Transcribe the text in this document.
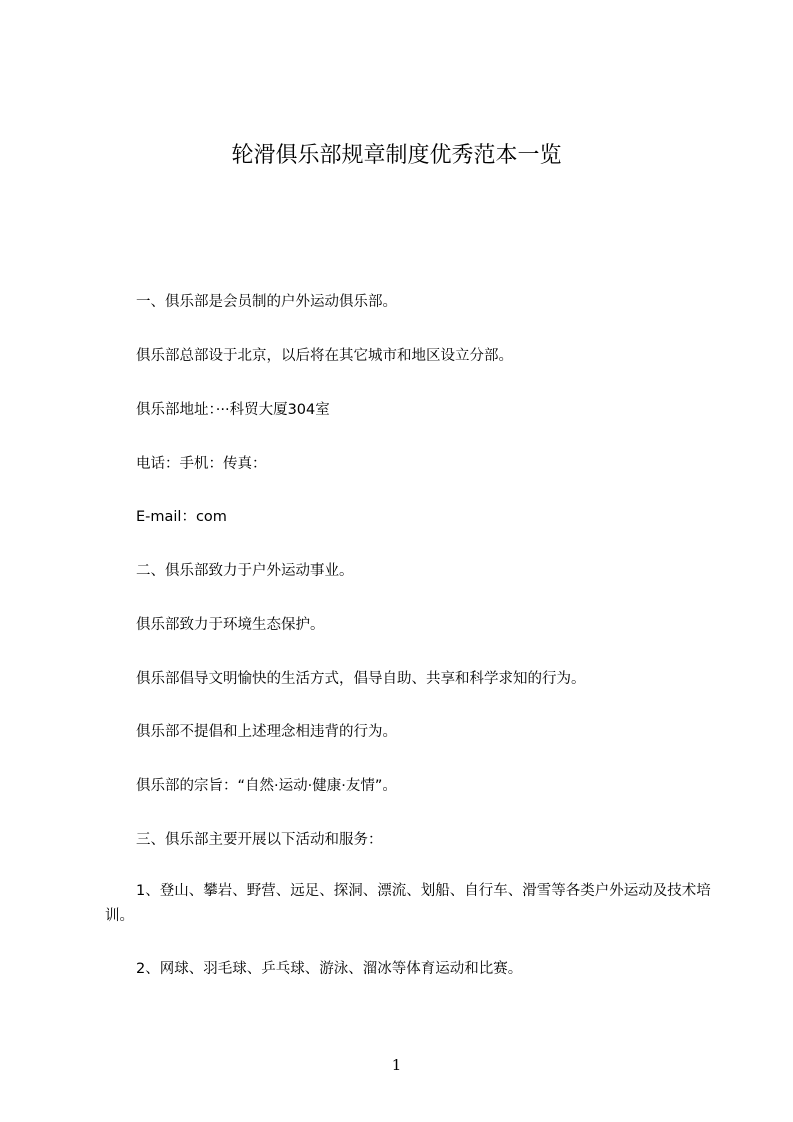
轮滑俱乐部规章制度优秀范本一览
一、俱乐部是会员制的户外运动俱乐部。
俱乐部总部设于北京，以后将在其它城市和地区设立分部。
俱乐部地址：···科贸大厦304室
电话：手机：传真：
E-mail：com
二、俱乐部致力于户外运动事业。
俱乐部致力于环境生态保护。
俱乐部倡导文明愉快的生活方式，倡导自助、共享和科学求知的行为。
俱乐部不提倡和上述理念相违背的行为。
俱乐部的宗旨：“自然·运动·健康·友情”。
三、俱乐部主要开展以下活动和服务：
1、登山、攀岩、野营、远足、探洞、漂流、划船、自行车、滑雪等各类户外运动及技术培训。
2、网球、羽毛球、乒乓球、游泳、溜冰等体育运动和比赛。
1
